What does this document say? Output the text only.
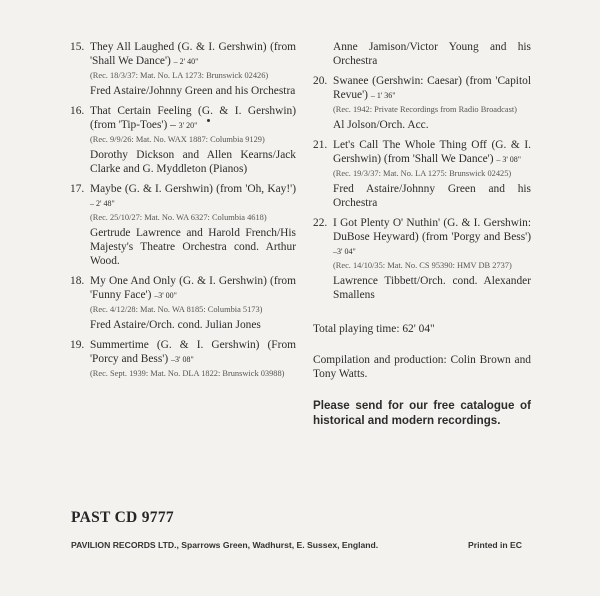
15. They All Laughed (G. & I. Gershwin) (from 'Shall We Dance') – 2' 40"
(Rec. 18/3/37: Mat. No. LA 1273: Brunswick 02426)
Fred Astaire/Johnny Green and his Orchestra
16. That Certain Feeling (G. & I. Gershwin) (from 'Tip-Toes') – 3' 20"
(Rec. 9/9/26: Mat. No. WAX 1887: Columbia 9129)
Dorothy Dickson and Allen Kearns/Jack Clarke and G. Myddleton (Pianos)
17. Maybe (G. & I. Gershwin) (from 'Oh, Kay!') – 2' 48"
(Rec. 25/10/27: Mat. No. WA 6327: Columbia 4618)
Gertrude Lawrence and Harold French/His Majesty's Theatre Orchestra cond. Arthur Wood.
18. My One And Only (G. & I. Gershwin) (from 'Funny Face') –3' 00"
(Rec. 4/12/28: Mat. No. WA 8185: Columbia 5173)
Fred Astaire/Orch. cond. Julian Jones
19. Summertime (G. & I. Gershwin) (From 'Porcy and Bess') –3' 08"
(Rec. Sept. 1939: Mat. No. DLA 1822: Brunswick 03988)
Anne Jamison/Victor Young and his Orchestra
20. Swanee (Gershwin: Caesar) (from 'Capitol Revue') – 1' 36"
(Rec. 1942: Private Recordings from Radio Broadcast)
Al Jolson/Orch. Acc.
21. Let's Call The Whole Thing Off (G. & I. Gershwin) (from 'Shall We Dance') – 3' 08"
(Rec. 19/3/37: Mat. No. LA 1275: Brunswick 02425)
Fred Astaire/Johnny Green and his Orchestra
22. I Got Plenty O' Nuthin' (G. & I. Gershwin: DuBose Heyward) (from 'Porgy and Bess') –3' 04"
(Rec. 14/10/35: Mat. No. CS 95390: HMV DB 2737)
Lawrence Tibbett/Orch. cond. Alexander Smallens
Total playing time: 62' 04"
Compilation and production: Colin Brown and Tony Watts.
Please send for our free catalogue of historical and modern recordings.
PAST CD 9777
PAVILION RECORDS LTD., Sparrows Green, Wadhurst, E. Sussex, England.	Printed in EC
